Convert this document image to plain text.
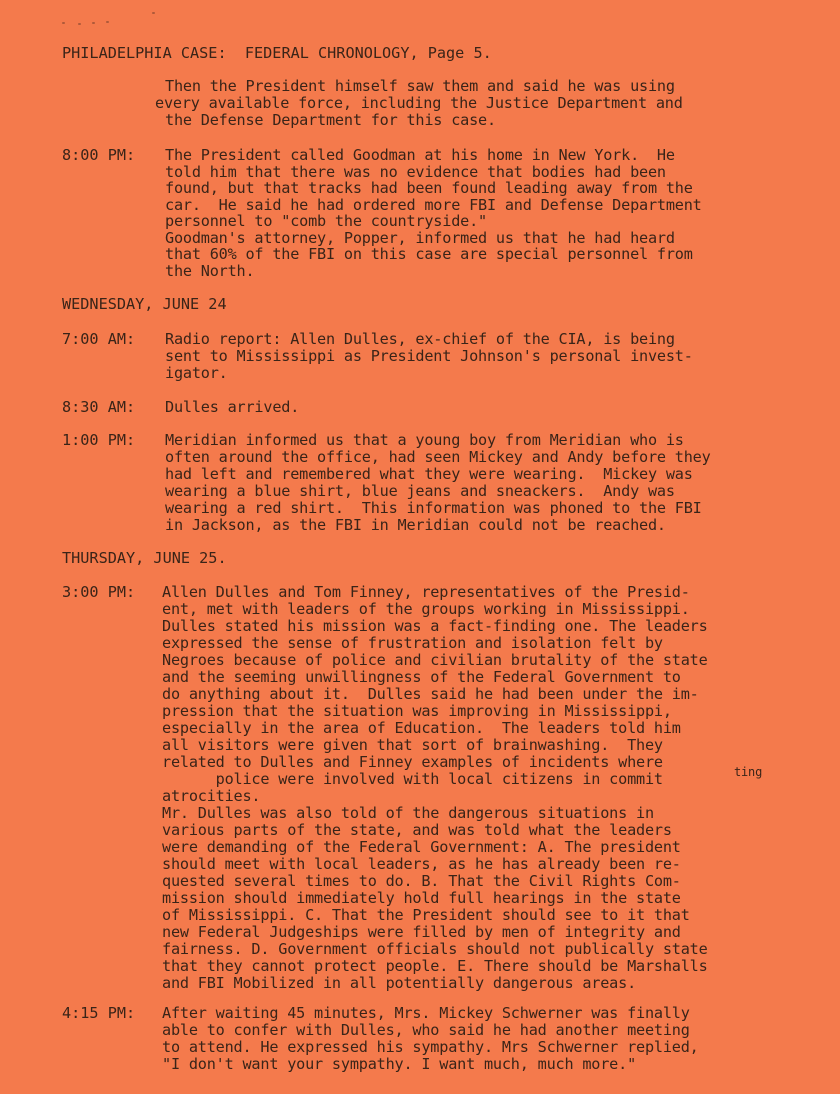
PHILADELPHIA CASE:  FEDERAL CHRONOLOGY, Page 5.
Then the President himself saw them and said he was using
every available force, including the Justice Department and
the Defense Department for this case.
8:00 PM: The President called Goodman at his home in New York.  He
told him that there was no evidence that bodies had been
found, but that tracks had been found leading away from the
car.  He said he had ordered more FBI and Defense Department
personnel to "comb the countryside."
Goodman's attorney, Popper, informed us that he had heard
that 60% of the FBI on this case are special personnel from
the North.
WEDNESDAY, JUNE 24
7:00 AM: Radio report: Allen Dulles, ex-chief of the CIA, is being
sent to Mississippi as President Johnson's personal invest-
igator.
8:30 AM: Dulles arrived.
1:00 PM: Meridian informed us that a young boy from Meridian who is
often around the office, had seen Mickey and Andy before they
had left and remembered what they were wearing.  Mickey was
wearing a blue shirt, blue jeans and sneackers.  Andy was
wearing a red shirt.  This information was phoned to the FBI
in Jackson, as the FBI in Meridian could not be reached.
THURSDAY, JUNE 25.
3:00 PM: Allen Dulles and Tom Finney, representatives of the Presid-
ent, met with leaders of the groups working in Mississippi.
Dulles stated his mission was a fact-finding one. The leaders
expressed the sense of frustration and isolation felt by
Negroes because of police and civilian brutality of the state
and the seeming unwillingness of the Federal Government to
do anything about it.  Dulles said he had been under the im-
pression that the situation was improving in Mississippi,
especially in the area of Education.  The leaders told him
all visitors were given that sort of brainwashing.  They
related to Dulles and Finney examples of incidents where
police were involved with local citizens in commit	ting
atrocities.
Mr. Dulles was also told of the dangerous situations in
various parts of the state, and was told what the leaders
were demanding of the Federal Government: A. The president
should meet with local leaders, as he has already been re-
quested several times to do. B. That the Civil Rights Com-
mission should immediately hold full hearings in the state
of Mississippi. C. That the President should see to it that
new Federal Judgeships were filled by men of integrity and
fairness. D. Government officials should not publically state
that they cannot protect people. E. There should be Marshalls
and FBI Mobilized in all potentially dangerous areas.
4:15 PM: After waiting 45 minutes, Mrs. Mickey Schwerner was finally
able to confer with Dulles, who said he had another meeting
to attend. He expressed his sympathy. Mrs Schwerner replied,
"I don't want your sympathy. I want much, much more."
